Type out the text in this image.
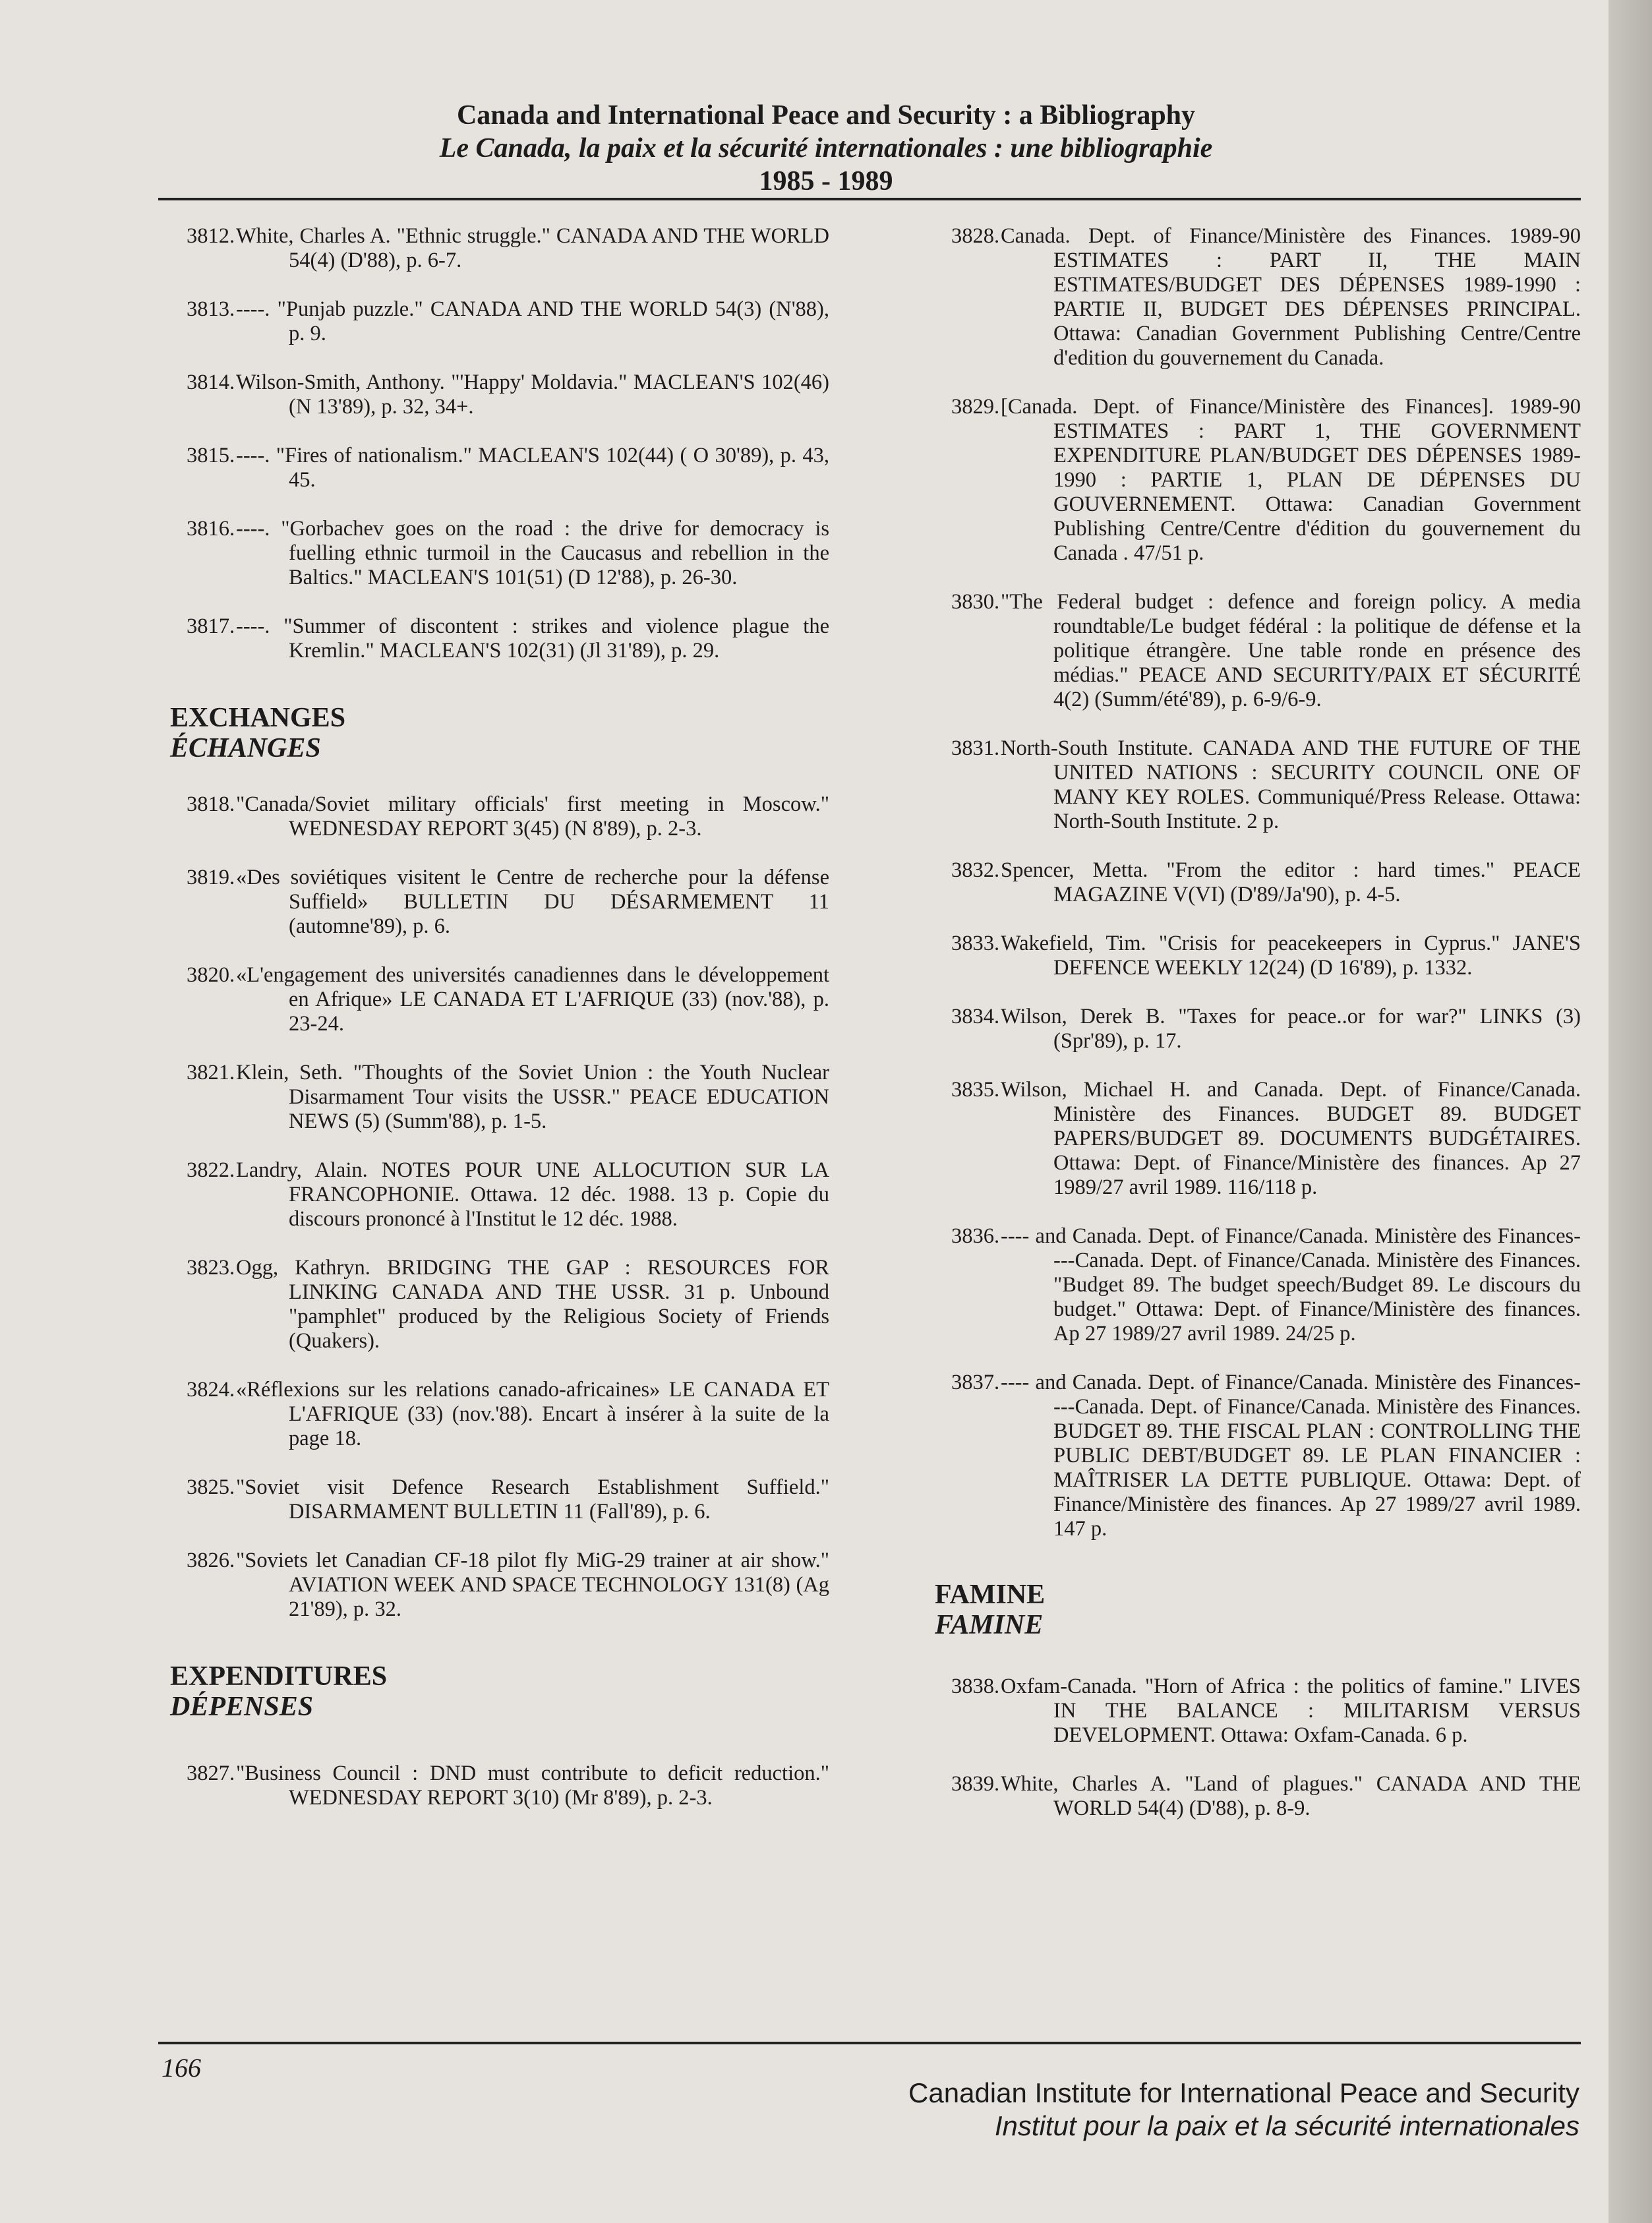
Canada and International Peace and Security : a Bibliography
Le Canada, la paix et la sécurité internationales : une bibliographie
1985 - 1989
3812. White, Charles A. "Ethnic struggle." CANADA AND THE WORLD 54(4) (D'88), p. 6-7.
3813. ----. "Punjab puzzle." CANADA AND THE WORLD 54(3) (N'88), p. 9.
3814. Wilson-Smith, Anthony. "'Happy' Moldavia." MACLEAN'S 102(46) (N 13'89), p. 32, 34+.
3815. ----. "Fires of nationalism." MACLEAN'S 102(44) ( O 30'89), p. 43, 45.
3816. ----. "Gorbachev goes on the road : the drive for democracy is fuelling ethnic turmoil in the Caucasus and rebellion in the Baltics." MACLEAN'S 101(51) (D 12'88), p. 26-30.
3817. ----. "Summer of discontent : strikes and violence plague the Kremlin." MACLEAN'S 102(31) (Jl 31'89), p. 29.
EXCHANGES
ÉCHANGES
3818. "Canada/Soviet military officials' first meeting in Moscow." WEDNESDAY REPORT 3(45) (N 8'89), p. 2-3.
3819. «Des soviétiques visitent le Centre de recherche pour la défense Suffield» BULLETIN DU DÉSARMEMENT 11 (automne'89), p. 6.
3820. «L'engagement des universités canadiennes dans le développement en Afrique» LE CANADA ET L'AFRIQUE (33) (nov.'88), p. 23-24.
3821. Klein, Seth. "Thoughts of the Soviet Union : the Youth Nuclear Disarmament Tour visits the USSR." PEACE EDUCATION NEWS (5) (Summ'88), p. 1-5.
3822. Landry, Alain. NOTES POUR UNE ALLOCUTION SUR LA FRANCOPHONIE. Ottawa. 12 déc. 1988. 13 p. Copie du discours prononcé à l'Institut le 12 déc. 1988.
3823. Ogg, Kathryn. BRIDGING THE GAP : RESOURCES FOR LINKING CANADA AND THE USSR. 31 p. Unbound "pamphlet" produced by the Religious Society of Friends (Quakers).
3824. «Réflexions sur les relations canado-africaines» LE CANADA ET L'AFRIQUE (33) (nov.'88). Encart à insérer à la suite de la page 18.
3825. "Soviet visit Defence Research Establishment Suffield." DISARMAMENT BULLETIN 11 (Fall'89), p. 6.
3826. "Soviets let Canadian CF-18 pilot fly MiG-29 trainer at air show." AVIATION WEEK AND SPACE TECHNOLOGY 131(8) (Ag 21'89), p. 32.
EXPENDITURES
DÉPENSES
3827. "Business Council : DND must contribute to deficit reduction." WEDNESDAY REPORT 3(10) (Mr 8'89), p. 2-3.
3828. Canada. Dept. of Finance/Ministère des Finances. 1989-90 ESTIMATES : PART II, THE MAIN ESTIMATES/BUDGET DES DÉPENSES 1989-1990 : PARTIE II, BUDGET DES DÉPENSES PRINCIPAL. Ottawa: Canadian Government Publishing Centre/Centre d'edition du gouvernement du Canada.
3829. [Canada. Dept. of Finance/Ministère des Finances]. 1989-90 ESTIMATES : PART 1, THE GOVERNMENT EXPENDITURE PLAN/BUDGET DES DÉPENSES 1989-1990 : PARTIE 1, PLAN DE DÉPENSES DU GOUVERNEMENT. Ottawa: Canadian Government Publishing Centre/Centre d'édition du gouvernement du Canada . 47/51 p.
3830. "The Federal budget : defence and foreign policy. A media roundtable/Le budget fédéral : la politique de défense et la politique étrangère. Une table ronde en présence des médias." PEACE AND SECURITY/PAIX ET SÉCURITÉ 4(2) (Summ/été'89), p. 6-9/6-9.
3831. North-South Institute. CANADA AND THE FUTURE OF THE UNITED NATIONS : SECURITY COUNCIL ONE OF MANY KEY ROLES. Communiqué/Press Release. Ottawa: North-South Institute. 2 p.
3832. Spencer, Metta. "From the editor : hard times." PEACE MAGAZINE V(VI) (D'89/Ja'90), p. 4-5.
3833. Wakefield, Tim. "Crisis for peacekeepers in Cyprus." JANE'S DEFENCE WEEKLY 12(24) (D 16'89), p. 1332.
3834. Wilson, Derek B. "Taxes for peace..or for war?" LINKS (3) (Spr'89), p. 17.
3835. Wilson, Michael H. and Canada. Dept. of Finance/Canada. Ministère des Finances. BUDGET 89. BUDGET PAPERS/BUDGET 89. DOCUMENTS BUDGÉTAIRES. Ottawa: Dept. of Finance/Ministère des finances. Ap 27 1989/27 avril 1989. 116/118 p.
3836. ---- and Canada. Dept. of Finance/Canada. Ministère des Finances----Canada. Dept. of Finance/Canada. Ministère des Finances. "Budget 89. The budget speech/Budget 89. Le discours du budget." Ottawa: Dept. of Finance/Ministère des finances. Ap 27 1989/27 avril 1989. 24/25 p.
3837. ---- and Canada. Dept. of Finance/Canada. Ministère des Finances----Canada. Dept. of Finance/Canada. Ministère des Finances. BUDGET 89. THE FISCAL PLAN : CONTROLLING THE PUBLIC DEBT/BUDGET 89. LE PLAN FINANCIER : MAÎTRISER LA DETTE PUBLIQUE. Ottawa: Dept. of Finance/Ministère des finances. Ap 27 1989/27 avril 1989. 147 p.
FAMINE
FAMINE
3838. Oxfam-Canada. "Horn of Africa : the politics of famine." LIVES IN THE BALANCE : MILITARISM VERSUS DEVELOPMENT. Ottawa: Oxfam-Canada. 6 p.
3839. White, Charles A. "Land of plagues." CANADA AND THE WORLD 54(4) (D'88), p. 8-9.
166
Canadian Institute for International Peace and Security
Institut pour la paix et la sécurité internationales
